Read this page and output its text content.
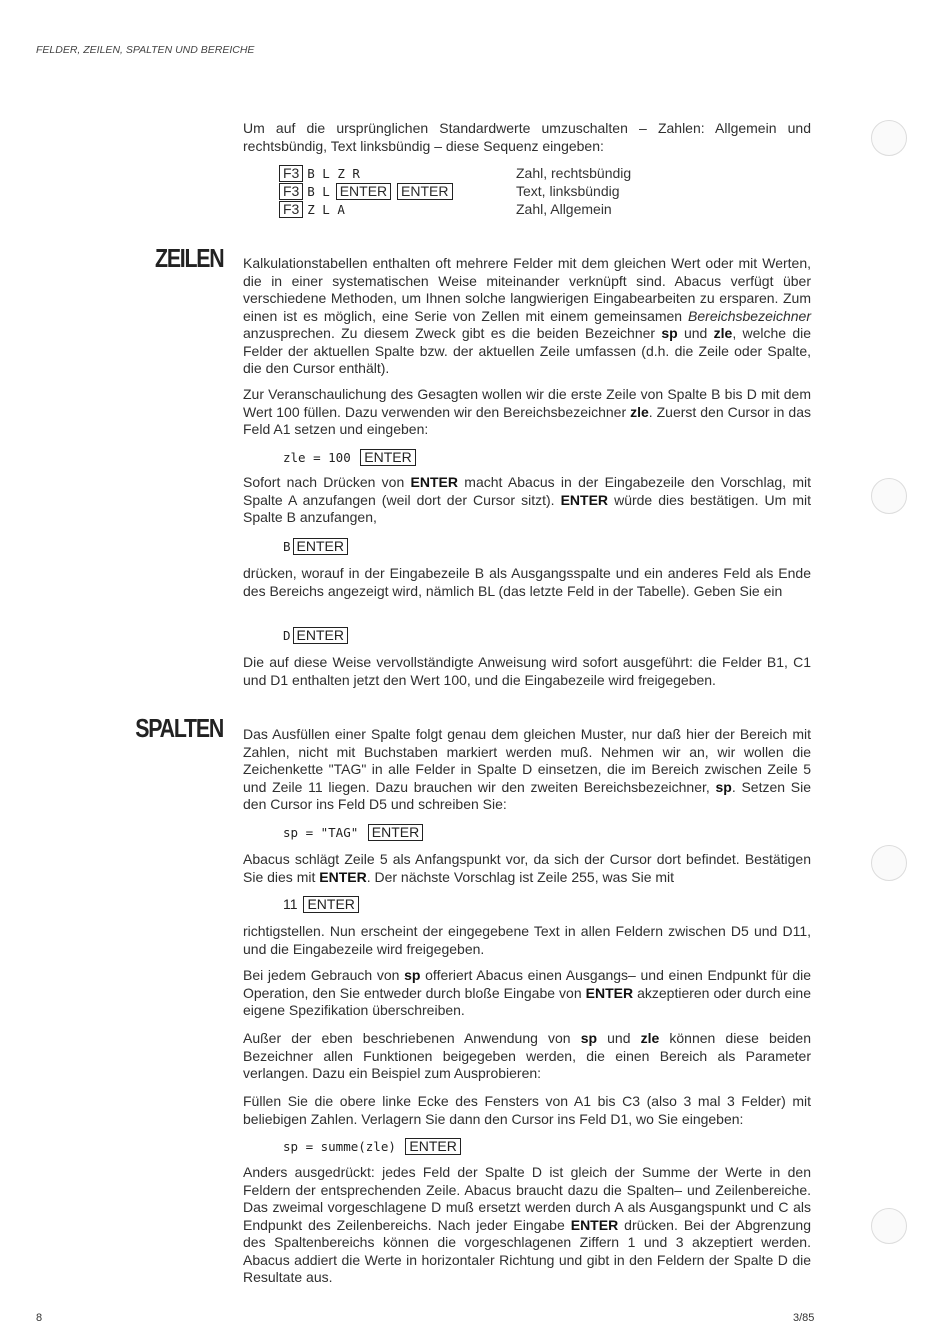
FELDER, ZEILEN, SPALTEN UND BEREICHE
Um auf die ursprünglichen Standardwerte umzuschalten – Zahlen: Allgemein und rechtsbündig, Text linksbündig – diese Sequenz eingeben:
F3 B L Z R	Zahl, rechtsbündig
F3 B L ENTER ENTER	Text, linksbündig
F3 Z L A	Zahl, Allgemein
ZEILEN Kalkulationstabellen enthalten oft mehrere Felder mit dem gleichen Wert oder mit Werten, die in einer systematischen Weise miteinander verknüpft sind. Abacus verfügt über verschiedene Methoden, um Ihnen solche langwierigen Eingabearbeiten zu ersparen. Zum einen ist es möglich, eine Serie von Zellen mit einem gemeinsamen Bereichsbezeichner anzusprechen. Zu diesem Zweck gibt es die beiden Bezeichner sp und zle, welche die Felder der aktuellen Spalte bzw. der aktuellen Zeile umfassen (d.h. die Zeile oder Spalte, die den Cursor enthält).
Zur Veranschaulichung des Gesagten wollen wir die erste Zeile von Spalte B bis D mit dem Wert 100 füllen. Dazu verwenden wir den Bereichsbezeichner zle. Zuerst den Cursor in das Feld A1 setzen und eingeben:
zle = 100 ENTER
Sofort nach Drücken von ENTER macht Abacus in der Eingabezeile den Vorschlag, mit Spalte A anzufangen (weil dort der Cursor sitzt). ENTER würde dies bestätigen. Um mit Spalte B anzufangen,
B ENTER
drücken, worauf in der Eingabezeile B als Ausgangsspalte und ein anderes Feld als Ende des Bereichs angezeigt wird, nämlich BL (das letzte Feld in der Tabelle). Geben Sie ein
D ENTER
Die auf diese Weise vervollständigte Anweisung wird sofort ausgeführt: die Felder B1, C1 und D1 enthalten jetzt den Wert 100, und die Eingabezeile wird freigegeben.
SPALTEN Das Ausfüllen einer Spalte folgt genau dem gleichen Muster, nur daß hier der Bereich mit Zahlen, nicht mit Buchstaben markiert werden muß. Nehmen wir an, wir wollen die Zeichenkette "TAG" in alle Felder in Spalte D einsetzen, die im Bereich zwischen Zeile 5 und Zeile 11 liegen. Dazu brauchen wir den zweiten Bereichsbezeichner, sp. Setzen Sie den Cursor ins Feld D5 und schreiben Sie:
sp = "TAG" ENTER
Abacus schlägt Zeile 5 als Anfangspunkt vor, da sich der Cursor dort befindet. Bestätigen Sie dies mit ENTER. Der nächste Vorschlag ist Zeile 255, was Sie mit
11 ENTER
richtigstellen. Nun erscheint der eingegebene Text in allen Feldern zwischen D5 und D11, und die Eingabezeile wird freigegeben.
Bei jedem Gebrauch von sp offeriert Abacus einen Ausgangs– und einen Endpunkt für die Operation, den Sie entweder durch bloße Eingabe von ENTER akzeptieren oder durch eine eigene Spezifikation überschreiben.
Außer der eben beschriebenen Anwendung von sp und zle können diese beiden Bezeichner allen Funktionen beigegeben werden, die einen Bereich als Parameter verlangen. Dazu ein Beispiel zum Ausprobieren:
Füllen Sie die obere linke Ecke des Fensters von A1 bis C3 (also 3 mal 3 Felder) mit beliebigen Zahlen. Verlagern Sie dann den Cursor ins Feld D1, wo Sie eingeben:
sp = summe(zle) ENTER
Anders ausgedrückt: jedes Feld der Spalte D ist gleich der Summe der Werte in den Feldern der entsprechenden Zeile. Abacus braucht dazu die Spalten– und Zeilenbereiche. Das zweimal vorgeschlagene D muß ersetzt werden durch A als Ausgangspunkt und C als Endpunkt des Zeilenbereichs. Nach jeder Eingabe ENTER drücken. Bei der Abgrenzung des Spaltenbereichs können die vorgeschlagenen Ziffern 1 und 3 akzeptiert werden. Abacus addiert die Werte in horizontaler Richtung und gibt in den Feldern der Spalte D die Resultate aus.
8	3/85
